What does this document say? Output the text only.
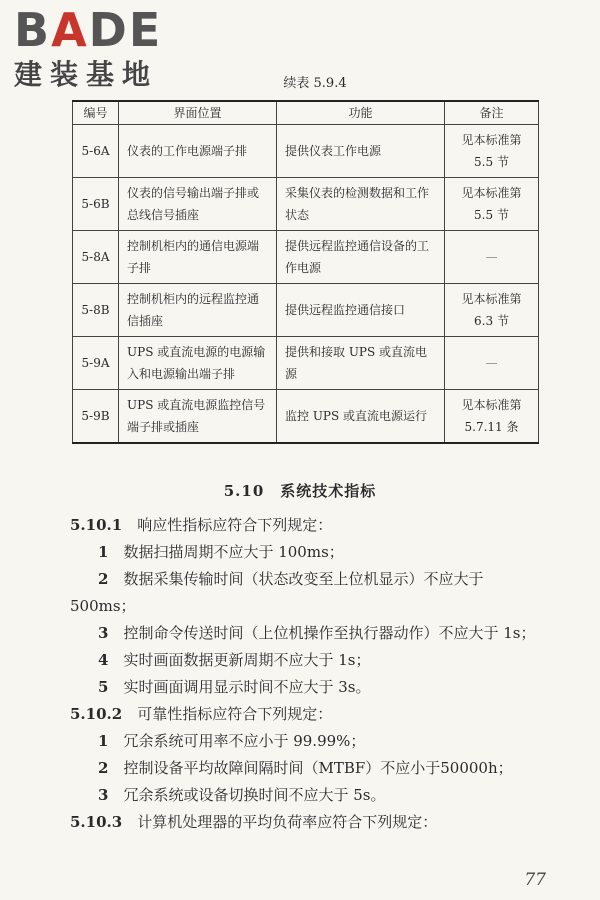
BADE
建装基地	续表 5.9.4
编号	界面位置	功能	备注
5-6A	仪表的工作电源端子排	提供仪表工作电源	见本标准第 5.5 节
5-6B	仪表的信号输出端子排或总线信号插座	采集仪表的检测数据和工作状态	见本标准第 5.5 节
5-8A	控制机柜内的通信电源端子排	提供远程监控通信设备的工作电源	—
5-8B	控制机柜内的远程监控通信插座	提供远程监控通信接口	见本标准第 6.3 节
5-9A	UPS 或直流电源的电源输入和电源输出端子排	提供和接取 UPS 或直流电源	—
5-9B	UPS 或直流电源监控信号端子排或插座	监控 UPS 或直流电源运行	见本标准第 5.7.11 条
5.10　系统技术指标

5.10.1　 响应性指标应符合下列规定：

1　 数据扫描周期不应大于 100ms；

2　 数据采集传输时间（状态改变至上位机显示）不应大于 500ms；

3　 控制命令传送时间（上位机操作至执行器动作）不应大于 1s；

4　 实时画面数据更新周期不应大于 1s；

5　 实时画面调用显示时间不应大于 3s。

5.10.2　 可靠性指标应符合下列规定：

1　 冗余系统可用率不应小于 99.99%；

2　 控制设备平均故障间隔时间（MTBF）不应小于50000h；

3　 冗余系统或设备切换时间不应大于 5s。

5.10.3　 计算机处理器的平均负荷率应符合下列规定：

77
